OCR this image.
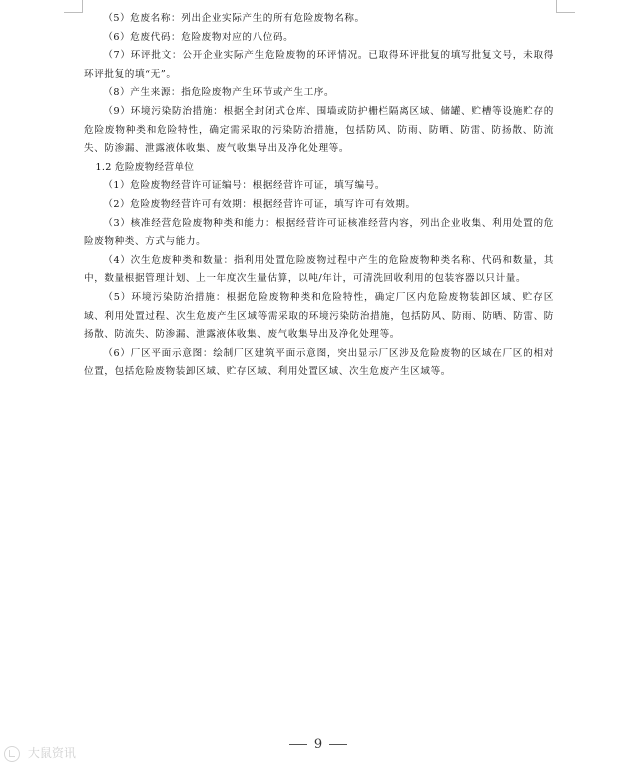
（5）危废名称：列出企业实际产生的所有危险废物名称。

（6）危废代码：危险废物对应的八位码。

（7）环评批文：公开企业实际产生危险废物的环评情况。已取得环评批复的填写批复文号，未取得环评批复的填“无”。

（8）产生来源：指危险废物产生环节或产生工序。

（9）环境污染防治措施：根据全封闭式仓库、围墙或防护栅栏隔离区域、储罐、贮槽等设施贮存的危险废物种类和危险特性，确定需采取的污染防治措施，包括防风、防雨、防晒、防雷、防扬散、防流失、防渗漏、泄露液体收集、废气收集导出及净化处理等。

1.2 危险废物经营单位

（1）危险废物经营许可证编号：根据经营许可证，填写编号。

（2）危险废物经营许可有效期：根据经营许可证，填写许可有效期。

（3）核准经营危险废物种类和能力：根据经营许可证核准经营内容，列出企业收集、利用处置的危险废物种类、方式与能力。

（4）次生危废种类和数量：指利用处置危险废物过程中产生的危险废物种类名称、代码和数量，其中，数量根据管理计划、上一年度次生量估算，以吨/年计，可清洗回收利用的包装容器以只计量。

（5）环境污染防治措施：根据危险废物种类和危险特性，确定厂区内危险废物装卸区域、贮存区域、利用处置过程、次生危废产生区域等需采取的环境污染防治措施，包括防风、防雨、防晒、防雷、防扬散、防流失、防渗漏、泄露液体收集、废气收集导出及净化处理等。

（6）厂区平面示意图：绘制厂区建筑平面示意图，突出显示厂区涉及危险废物的区域在厂区的相对位置，包括危险废物装卸区域、贮存区域、利用处置区域、次生危废产生区域等。

9
大鼠资讯
